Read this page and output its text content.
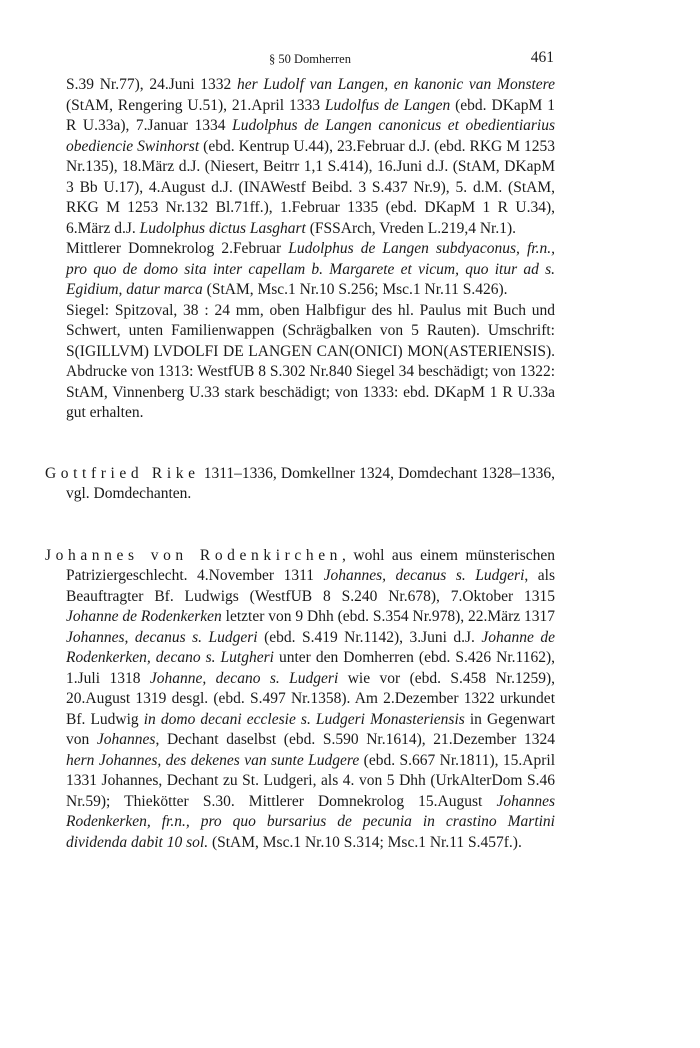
§ 50 Domherren	461

S.39 Nr.77), 24.Juni 1332 her Ludolf van Langen, en kanonic van Monstere (StAM, Rengering U.51), 21.April 1333 Ludolfus de Langen (ebd. DKapM 1 R U.33a), 7.Januar 1334 Ludolphus de Langen canonicus et obedientiarius obediencie Swinhorst (ebd. Kentrup U.44), 23.Februar d.J. (ebd. RKG M 1253 Nr.135), 18.März d.J. (Niesert, Beitrr 1,1 S.414), 16.Juni d.J. (StAM, DKapM 3 Bb U.17), 4.August d.J. (INAWestf Beibd. 3 S.437 Nr.9), 5. d.M. (StAM, RKG M 1253 Nr.132 Bl.71ff.), 1.Februar 1335 (ebd. DKapM 1 R U.34), 6.März d.J. Ludolphus dictus Lasghart (FSSArch, Vreden L.219,4 Nr.1).

Mittlerer Domnekrolog 2.Februar Ludolphus de Langen subdyaconus, fr.n., pro quo de domo sita inter capellam b. Margarete et vicum, quo itur ad s. Egidium, datur marca (StAM, Msc.1 Nr.10 S.256; Msc.1 Nr.11 S.426).

Siegel: Spitzoval, 38 : 24 mm, oben Halbfigur des hl. Paulus mit Buch und Schwert, unten Familienwappen (Schrägbalken von 5 Rauten). Umschrift: S(IGILLVM) LVDOLFI DE LANGEN CAN(ONICI) MON(ASTERIENSIS). Abdrucke von 1313: WestfUB 8 S.302 Nr.840 Siegel 34 beschädigt; von 1322: StAM, Vinnenberg U.33 stark beschädigt; von 1333: ebd. DKapM 1 R U.33a gut erhalten.

Gottfried Rike 1311–1336, Domkellner 1324, Domdechant 1328–1336, vgl. Domdechanten.

Johannes von Rodenkirchen, wohl aus einem münsterischen Patriziergeschlecht. 4.November 1311 Johannes, decanus s. Ludgeri, als Beauftragter Bf. Ludwigs (WestfUB 8 S.240 Nr.678), 7.Oktober 1315 Johanne de Rodenkerken letzter von 9 Dhh (ebd. S.354 Nr.978), 22.März 1317 Johannes, decanus s. Ludgeri (ebd. S.419 Nr.1142), 3.Juni d.J. Johanne de Rodenkerken, decano s. Lutgheri unter den Domherren (ebd. S.426 Nr.1162), 1.Juli 1318 Johanne, decano s. Ludgeri wie vor (ebd. S.458 Nr.1259), 20.August 1319 desgl. (ebd. S.497 Nr.1358). Am 2.Dezember 1322 urkundet Bf. Ludwig in domo decani ecclesie s. Ludgeri Monasteriensis in Gegenwart von Johannes, Dechant daselbst (ebd. S.590 Nr.1614), 21.Dezember 1324 hern Johannes, des dekenes van sunte Ludgere (ebd. S.667 Nr.1811), 15.April 1331 Johannes, Dechant zu St. Ludgeri, als 4. von 5 Dhh (UrkAlterDom S.46 Nr.59); Thiekötter S.30. Mittlerer Domnekrolog 15.August Johannes Rodenkerken, fr.n., pro quo bursarius de pecunia in crastino Martini dividenda dabit 10 sol. (StAM, Msc.1 Nr.10 S.314; Msc.1 Nr.11 S.457f.).
